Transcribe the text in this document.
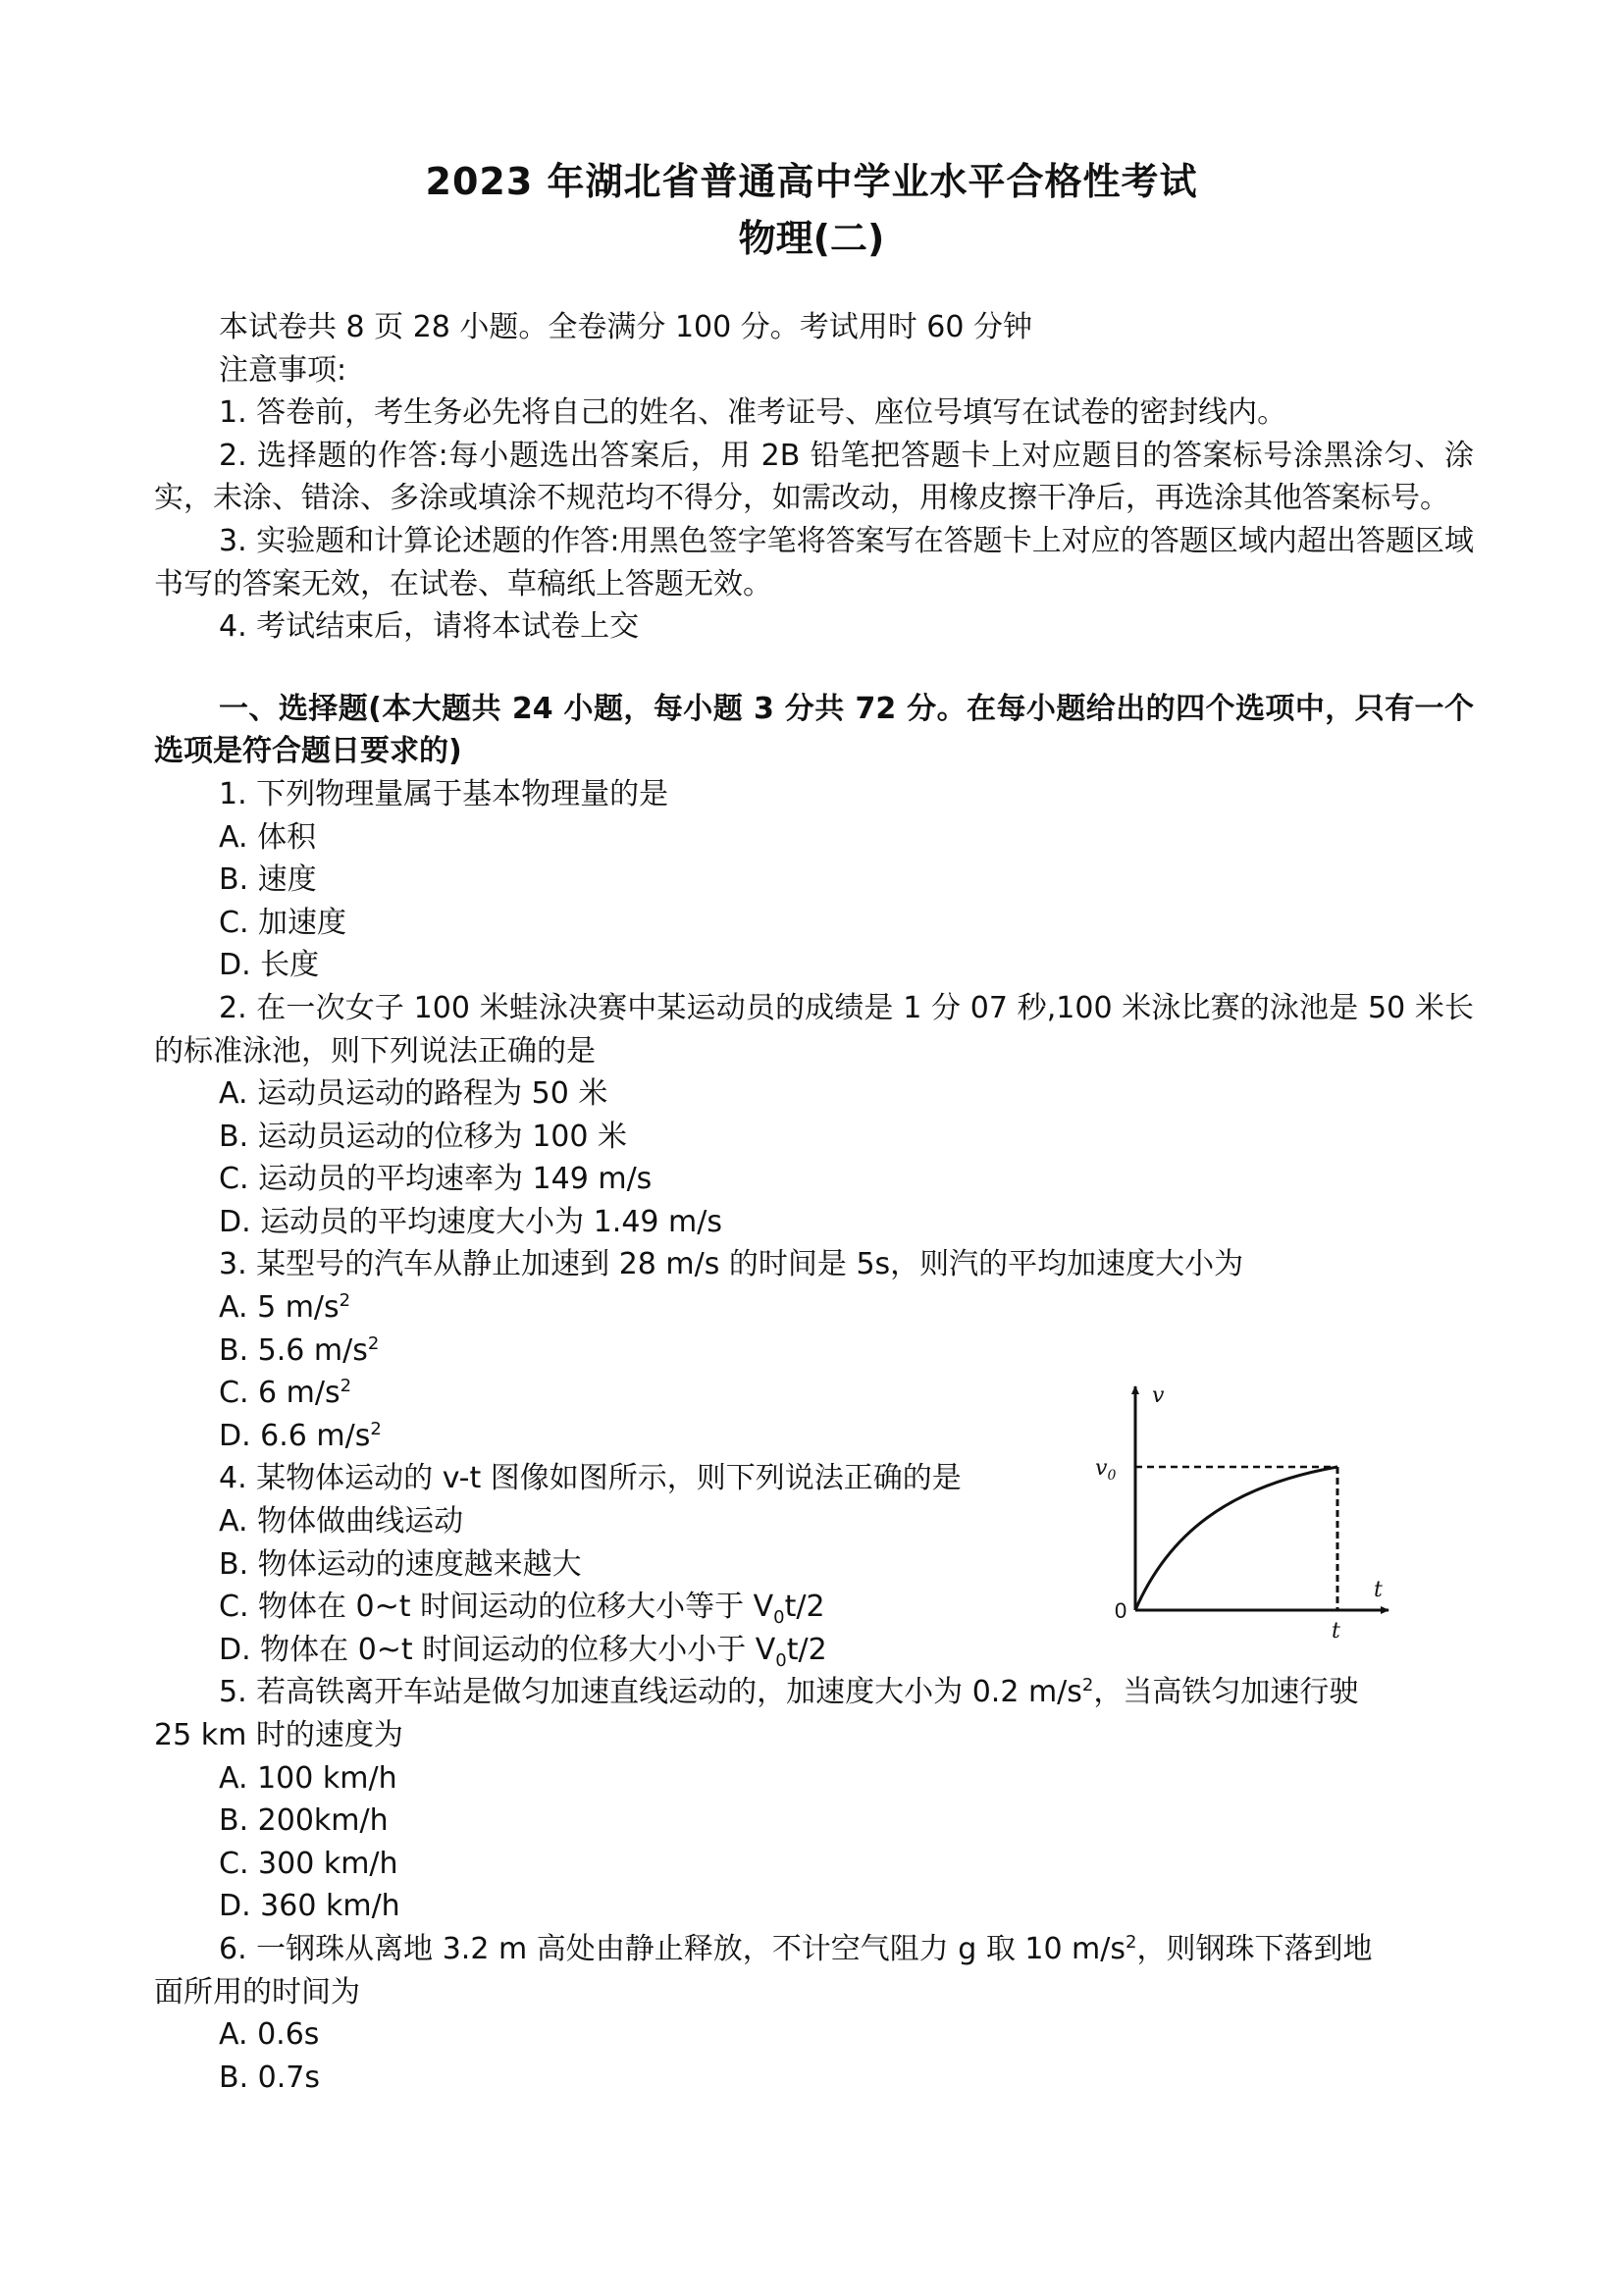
2023 年湖北省普通高中学业水平合格性考试
物理(二)
本试卷共 8 页 28 小题。全卷满分 100 分。考试用时 60 分钟
注意事项:
1. 答卷前，考生务必先将自己的姓名、准考证号、座位号填写在试卷的密封线内。
2. 选择题的作答:每小题选出答案后，用 2B 铅笔把答题卡上对应题目的答案标号涂黑涂匀、涂实，未涂、错涂、多涂或填涂不规范均不得分，如需改动，用橡皮擦干净后，再选涂其他答案标号。
3. 实验题和计算论述题的作答:用黑色签字笔将答案写在答题卡上对应的答题区域内超出答题区域书写的答案无效，在试卷、草稿纸上答题无效。
4. 考试结束后，请将本试卷上交
一、选择题(本大题共 24 小题，每小题 3 分共 72 分。在每小题给出的四个选项中，只有一个选项是符合题日要求的)
1. 下列物理量属于基本物理量的是
A. 体积
B. 速度
C. 加速度
D. 长度
2. 在一次女子 100 米蛙泳决赛中某运动员的成绩是 1 分 07 秒,100 米泳比赛的泳池是 50 米长的标准泳池，则下列说法正确的是
A. 运动员运动的路程为 50 米
B. 运动员运动的位移为 100 米
C. 运动员的平均速率为 149 m/s
D. 运动员的平均速度大小为 1.49 m/s
3. 某型号的汽车从静止加速到 28 m/s 的时间是 5s，则汽的平均加速度大小为
A. 5 $m/s^2$
B. 5.6 $m/s^2$
C. 6 $m/s^2$
D. 6.6 $m/s^2$
4. 某物体运动的 v-t 图像如图所示，则下列说法正确的是
A. 物体做曲线运动
B. 物体运动的速度越来越大
C. 物体在 0~t 时间运动的位移大小等于 $V_0t/2$
D. 物体在 0~t 时间运动的位移大小小于 $V_0t/2$
5. 若高铁离开车站是做匀加速直线运动的，加速度大小为 0.2 $m/s^2$，当高铁匀加速行驶
25 km 时的速度为
A. 100 km/h
B. 200km/h
C. 300 km/h
D. 360 km/h
6. 一钢珠从离地 3.2 m 高处由静止释放，不计空气阻力 g 取 10 $m/s^2$，则钢珠下落到地
面所用的时间为
A. 0.6s
B. 0.7s
v
$v_0$
0
t
t
